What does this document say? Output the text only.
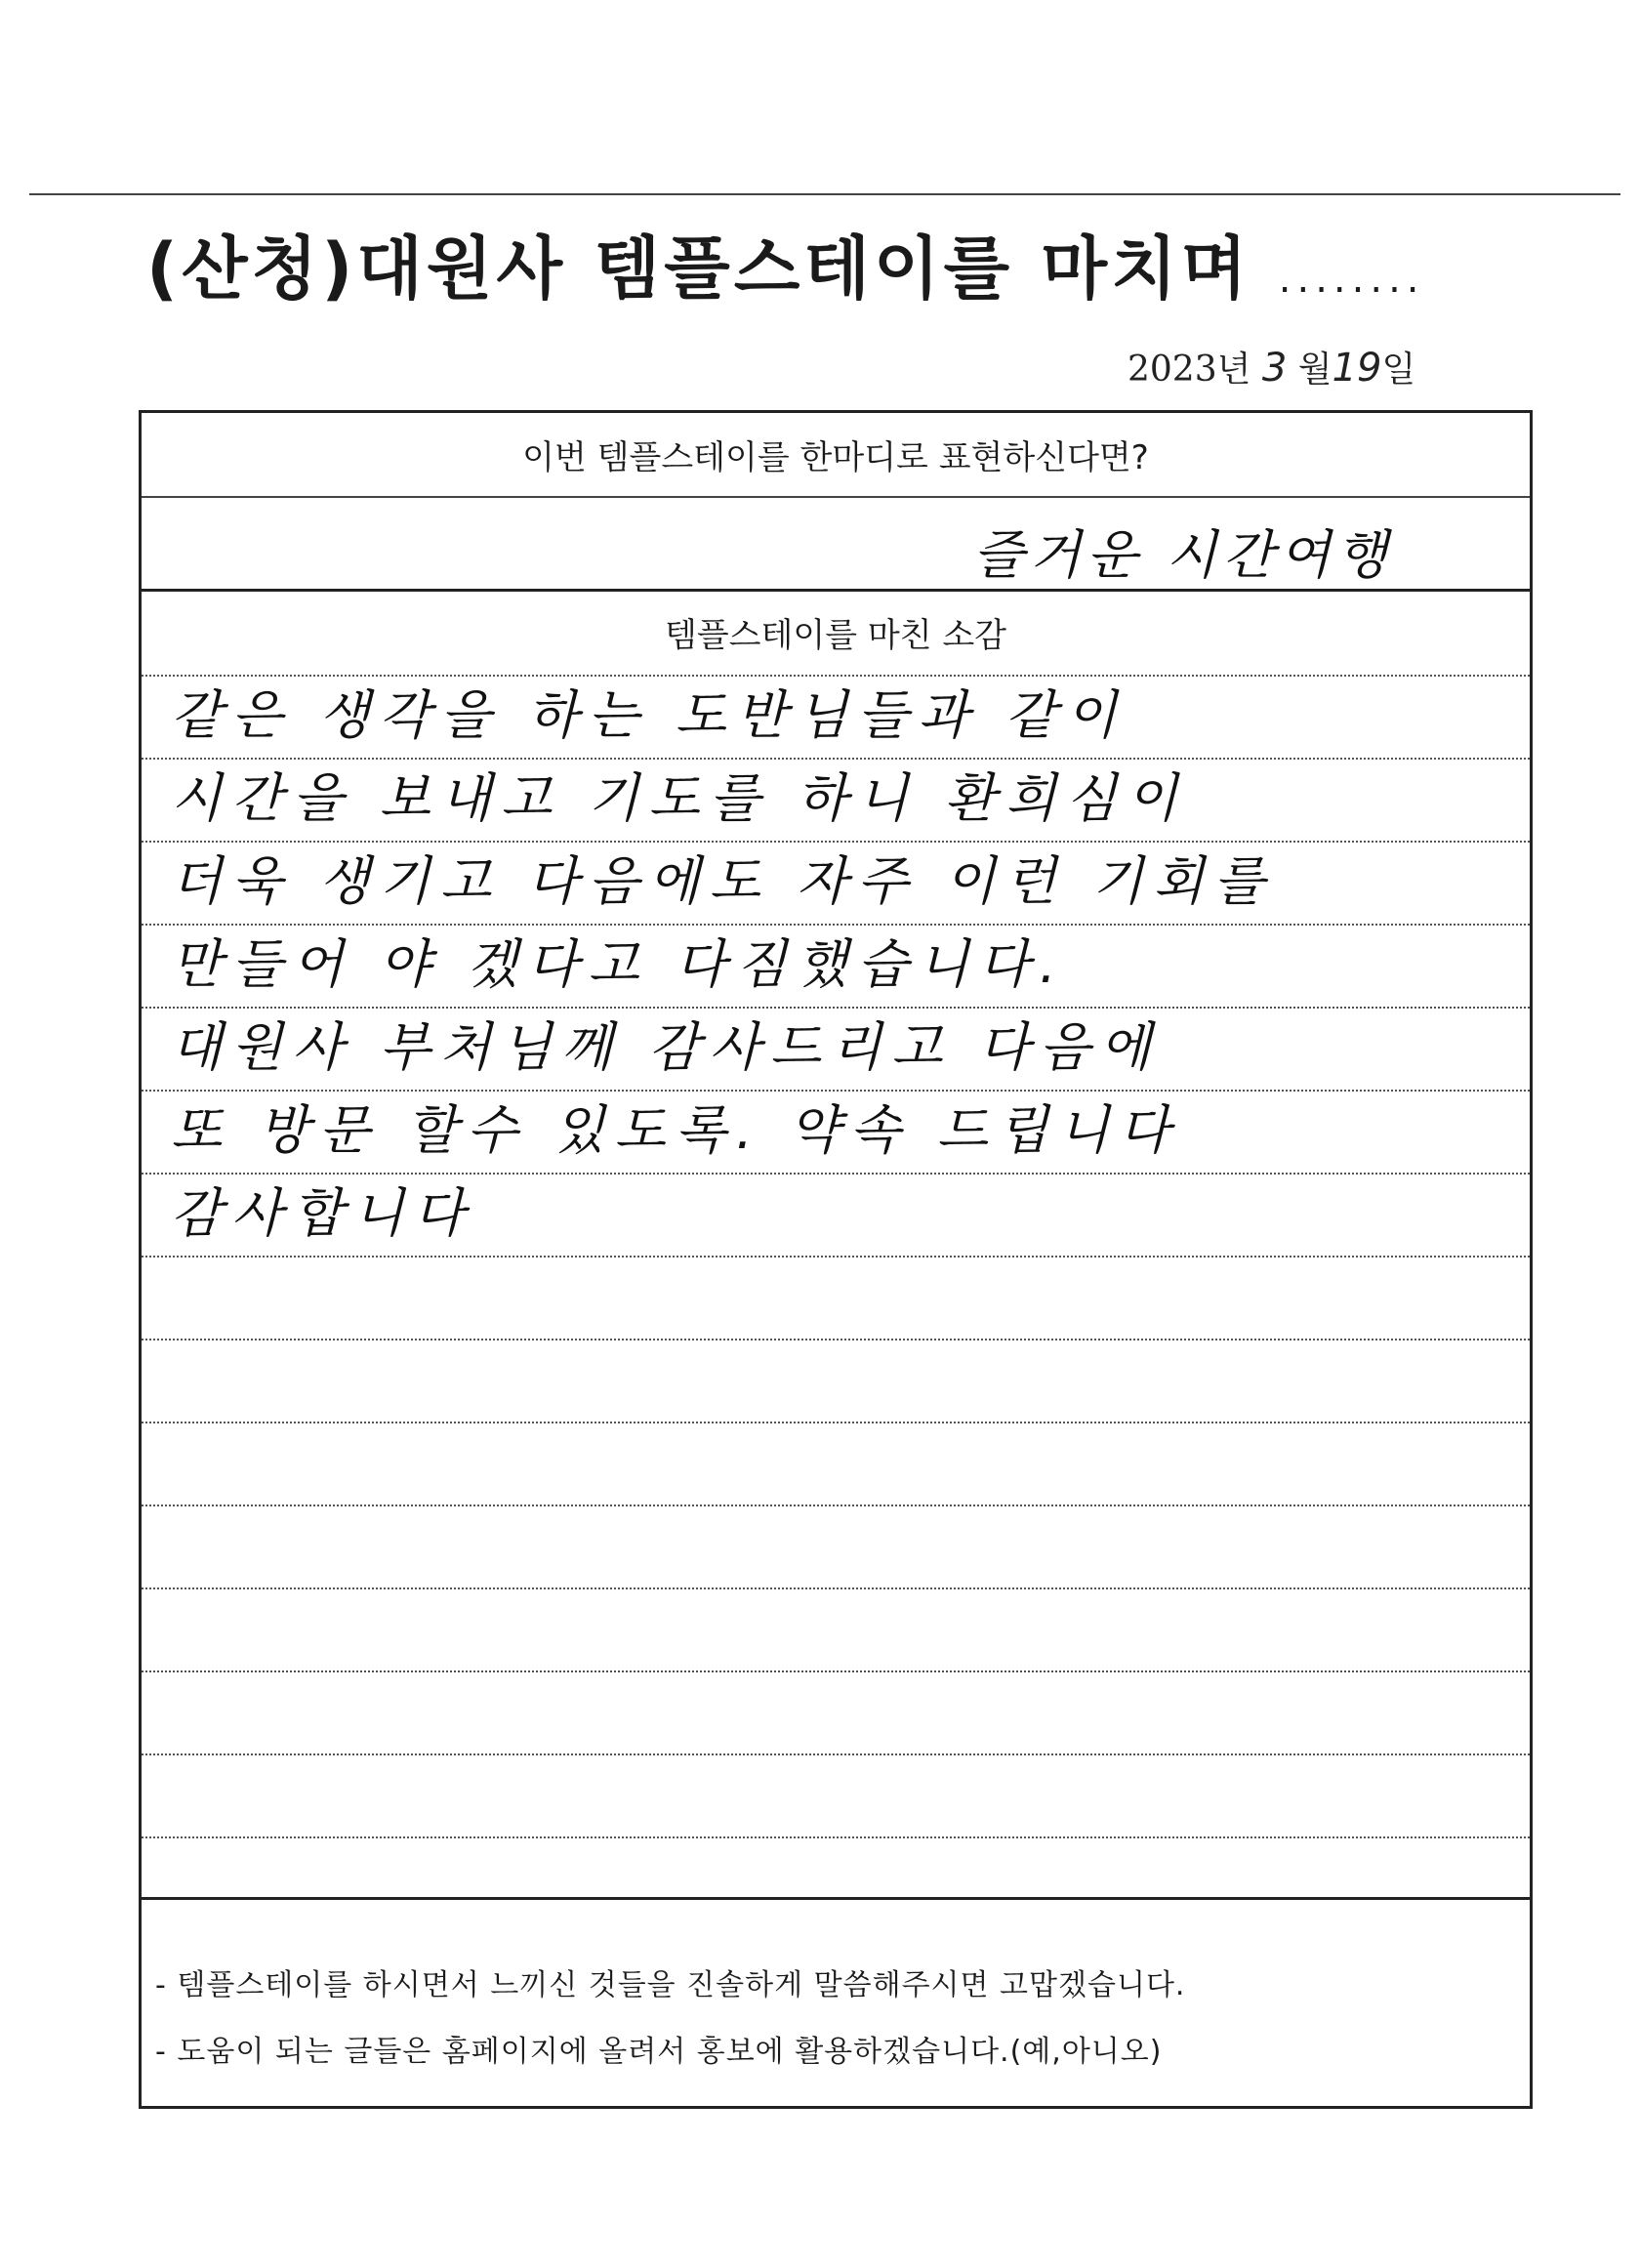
(산청)대원사 템플스테이를 마치며 ........
2023년 3 월19일
이번 템플스테이를 한마디로 표현하신다면?
즐거운 시간여행
템플스테이를 마친 소감
같은 생각을 하는 도반님들과 같이
시간을 보내고 기도를 하니 환희심이
더욱 생기고 다음에도 자주 이런 기회를
만들어 야 겠다고 다짐했습니다.
대원사 부처님께 감사드리고 다음에
또 방문 할수 있도록. 약속 드립니다
감사합니다
- 템플스테이를 하시면서 느끼신 것들을 진솔하게 말씀해주시면 고맙겠습니다.
- 도움이 되는 글들은 홈페이지에 올려서 홍보에 활용하겠습니다.(예,아니오)
